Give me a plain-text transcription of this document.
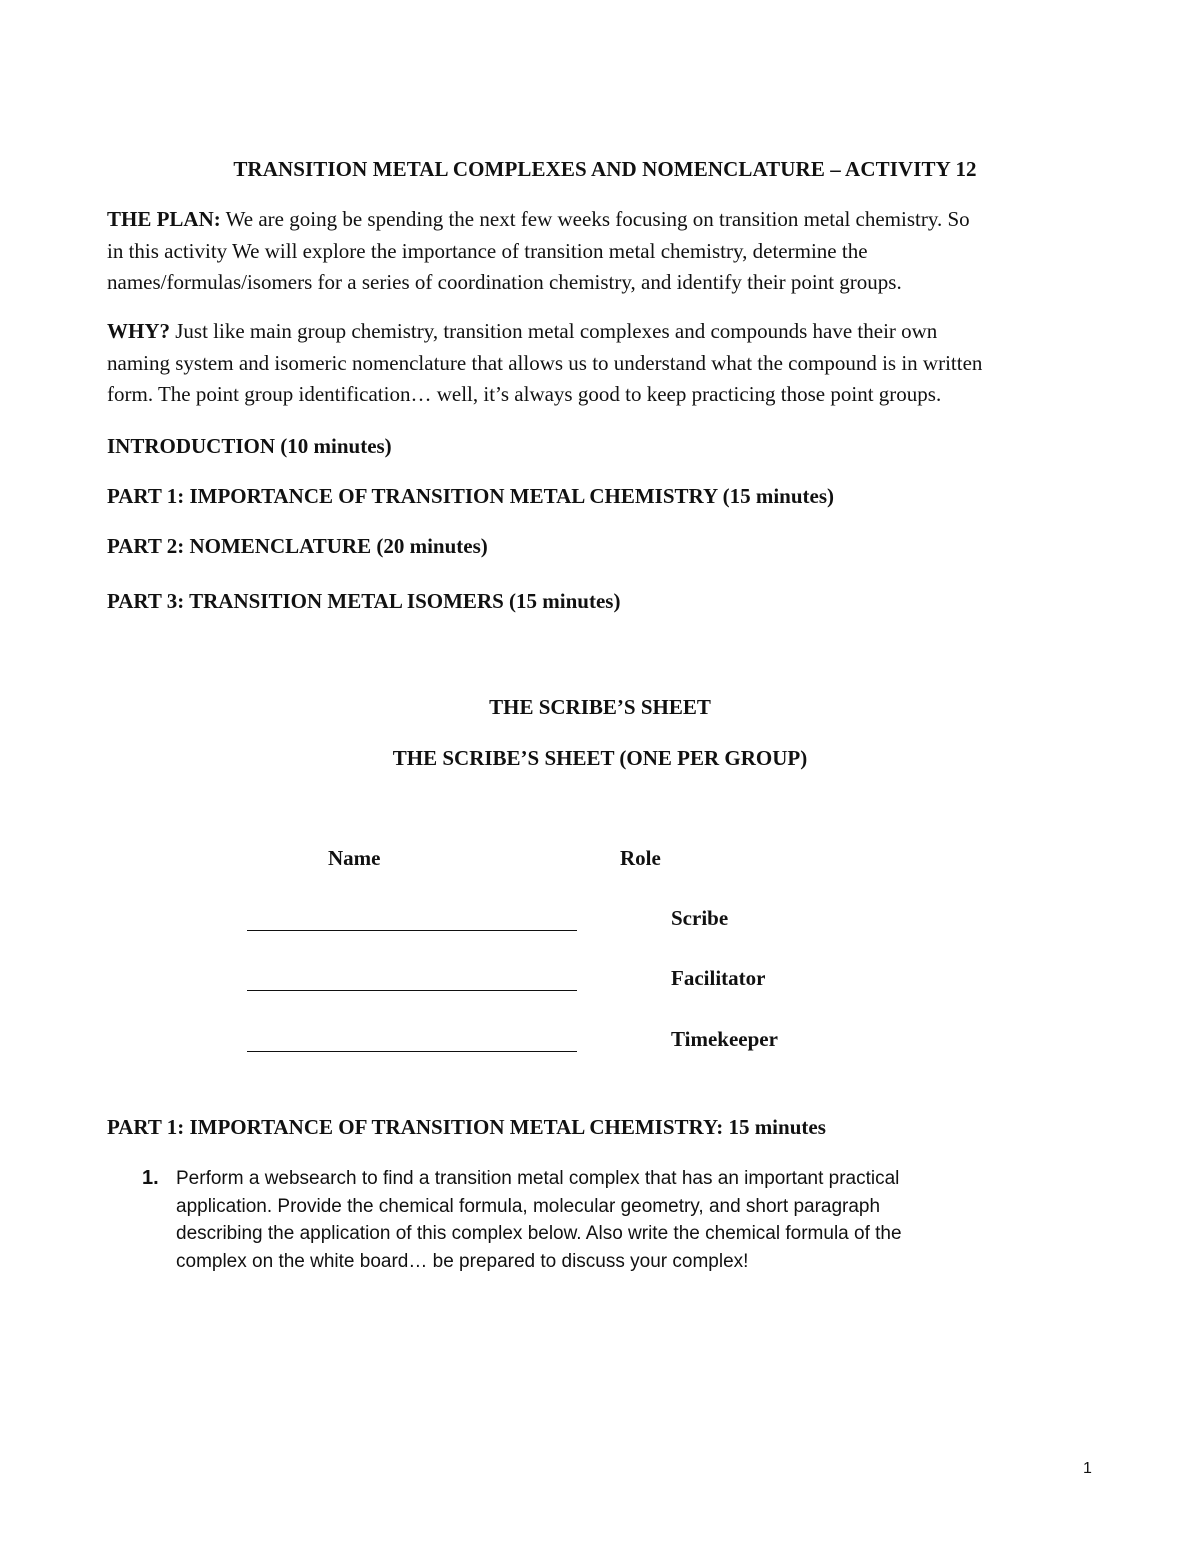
TRANSITION METAL COMPLEXES AND NOMENCLATURE – ACTIVITY 12
THE PLAN: We are going be spending the next few weeks focusing on transition metal chemistry. So
in this activity We will explore the importance of transition metal chemistry, determine the
names/formulas/isomers for a series of coordination chemistry, and identify their point groups.
WHY? Just like main group chemistry, transition metal complexes and compounds have their own
naming system and isomeric nomenclature that allows us to understand what the compound is in written
form. The point group identification… well, it’s always good to keep practicing those point groups.
INTRODUCTION (10 minutes)
PART 1: IMPORTANCE OF TRANSITION METAL CHEMISTRY (15 minutes)
PART 2: NOMENCLATURE (20 minutes)
PART 3: TRANSITION METAL ISOMERS (15 minutes)
THE SCRIBE’S SHEET
THE SCRIBE’S SHEET (ONE PER GROUP)
Name	Role
Scribe
Facilitator
Timekeeper
PART 1: IMPORTANCE OF TRANSITION METAL CHEMISTRY: 15 minutes
1. Perform a websearch to find a transition metal complex that has an important practical
application. Provide the chemical formula, molecular geometry, and short paragraph
describing the application of this complex below. Also write the chemical formula of the
complex on the white board… be prepared to discuss your complex!
1
